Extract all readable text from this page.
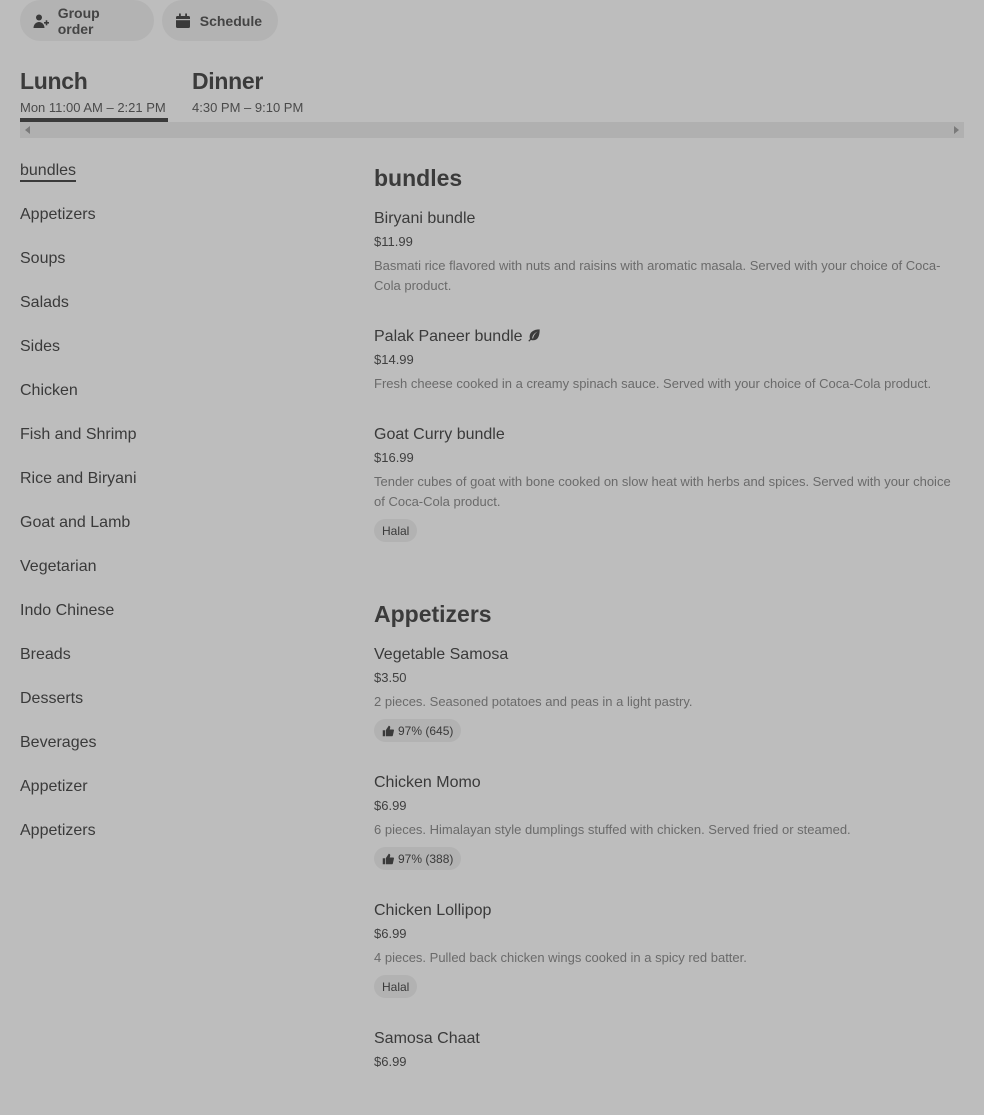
Group order	Schedule
Lunch
Mon 11:00 AM – 2:21 PM
Dinner
4:30 PM – 9:10 PM
bundles
Appetizers
Soups
Salads
Sides
Chicken
Fish and Shrimp
Rice and Biryani
Goat and Lamb
Vegetarian
Indo Chinese
Breads
Desserts
Beverages
Appetizer
Appetizers
bundles
Biryani bundle
$11.99
Basmati rice flavored with nuts and raisins with aromatic masala. Served with your choice of Coca-Cola product.
Palak Paneer bundle
$14.99
Fresh cheese cooked in a creamy spinach sauce. Served with your choice of Coca-Cola product.
Goat Curry bundle
$16.99
Tender cubes of goat with bone cooked on slow heat with herbs and spices. Served with your choice of Coca-Cola product.
Halal
Appetizers
Vegetable Samosa
$3.50
2 pieces. Seasoned potatoes and peas in a light pastry.
97% (645)
Chicken Momo
$6.99
6 pieces. Himalayan style dumplings stuffed with chicken. Served fried or steamed.
97% (388)
Chicken Lollipop
$6.99
4 pieces. Pulled back chicken wings cooked in a spicy red batter.
Halal
Samosa Chaat
$6.99
